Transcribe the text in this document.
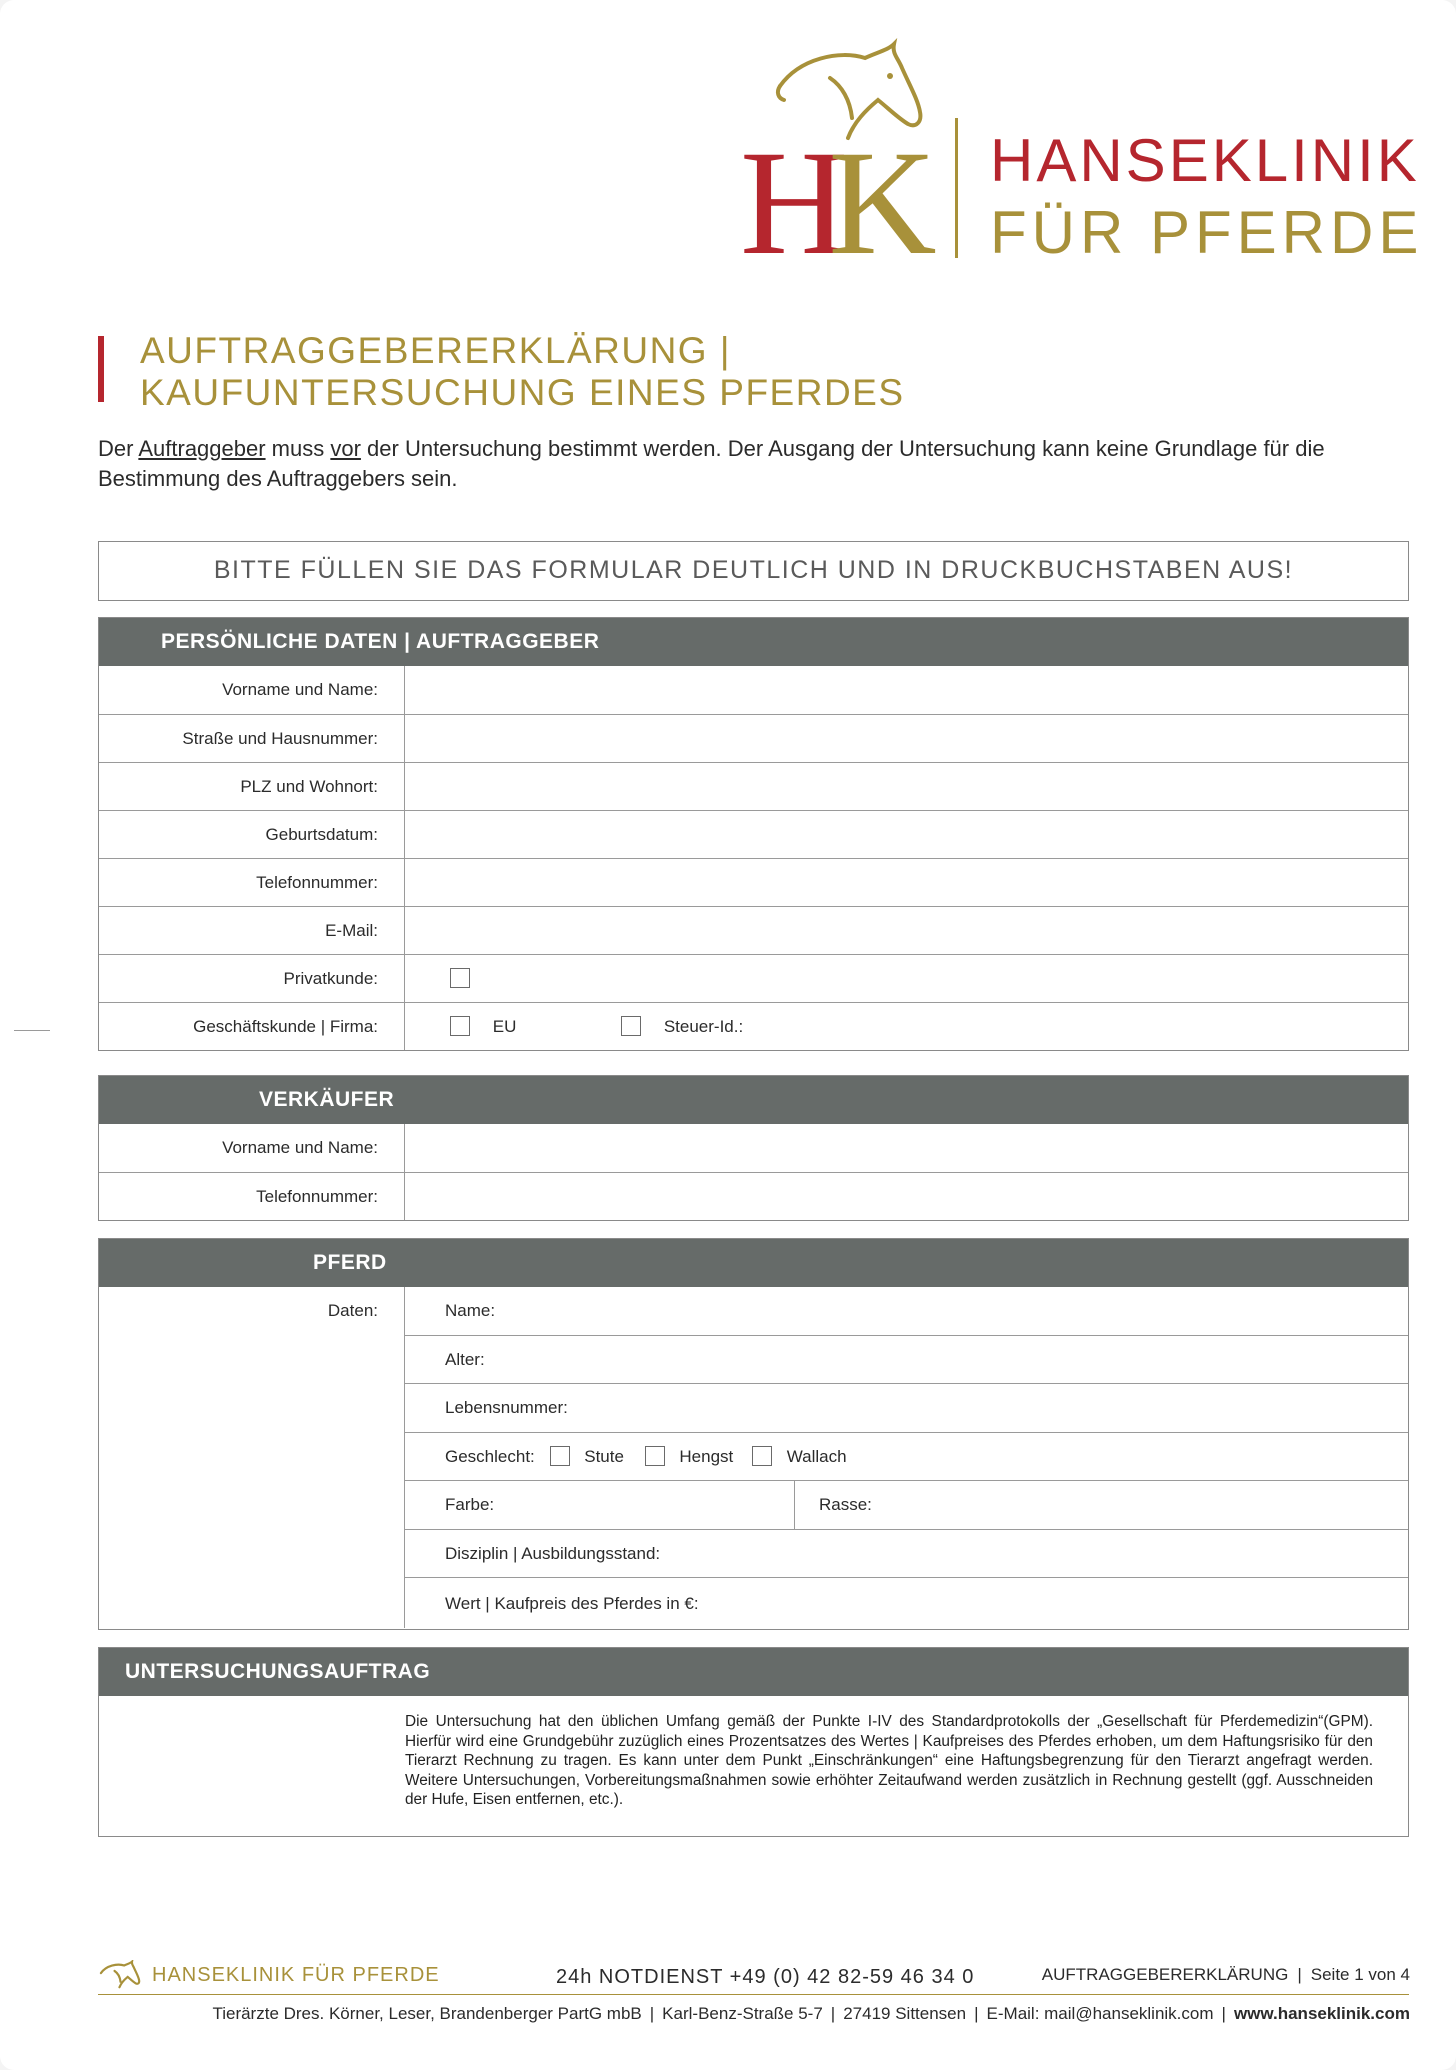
HK HANSEKLINIK
FÜR PFERDE
AUFTRAGGEBERERKLÄRUNG |
KAUFUNTERSUCHUNG EINES PFERDES
Der Auftraggeber muss vor der Untersuchung bestimmt werden. Der Ausgang der Untersuchung kann keine Grundlage für die Bestimmung des Auftraggebers sein.
BITTE FÜLLEN SIE DAS FORMULAR DEUTLICH UND IN DRUCKBUCHSTABEN AUS!
PERSÖNLICHE DATEN | AUFTRAGGEBER
Vorname und Name:
Straße und Hausnummer:
PLZ und Wohnort:
Geburtsdatum:
Telefonnummer:
E-Mail:
Privatkunde:
Geschäftskunde | Firma:	EU	Steuer-Id.:
VERKÄUFER
Vorname und Name:
Telefonnummer:
PFERD
Daten:	Name:
Alter:
Lebensnummer:
Geschlecht:	Stute	Hengst	Wallach
Farbe:	Rasse:
Disziplin | Ausbildungsstand:
Wert | Kaufpreis des Pferdes in €:
UNTERSUCHUNGSAUFTRAG
Die Untersuchung hat den üblichen Umfang gemäß der Punkte I-IV des Standardprotokolls der „Gesellschaft für Pferdemedizin“(GPM). Hierfür wird eine Grundgebühr zuzüglich eines Prozentsatzes des Wertes | Kaufpreises des Pferdes erhoben, um dem Haftungsrisiko für den Tierarzt Rechnung zu tragen. Es kann unter dem Punkt „Einschränkungen“ eine Haftungsbegrenzung für den Tierarzt angefragt werden. Weitere Untersuchungen, Vorbereitungsmaßnahmen sowie erhöhter Zeitaufwand werden zusätzlich in Rechnung gestellt (ggf. Ausschneiden der Hufe, Eisen entfernen, etc.).
HANSEKLINIK FÜR PFERDE	24h NOTDIENST +49 (0) 42 82-59 46 34 0	AUFTRAGGEBERERKLÄRUNG | Seite 1 von 4
Tierärzte Dres. Körner, Leser, Brandenberger PartG mbB | Karl-Benz-Straße 5-7 | 27419 Sittensen | E-Mail: mail@hanseklinik.com | www.hanseklinik.com
